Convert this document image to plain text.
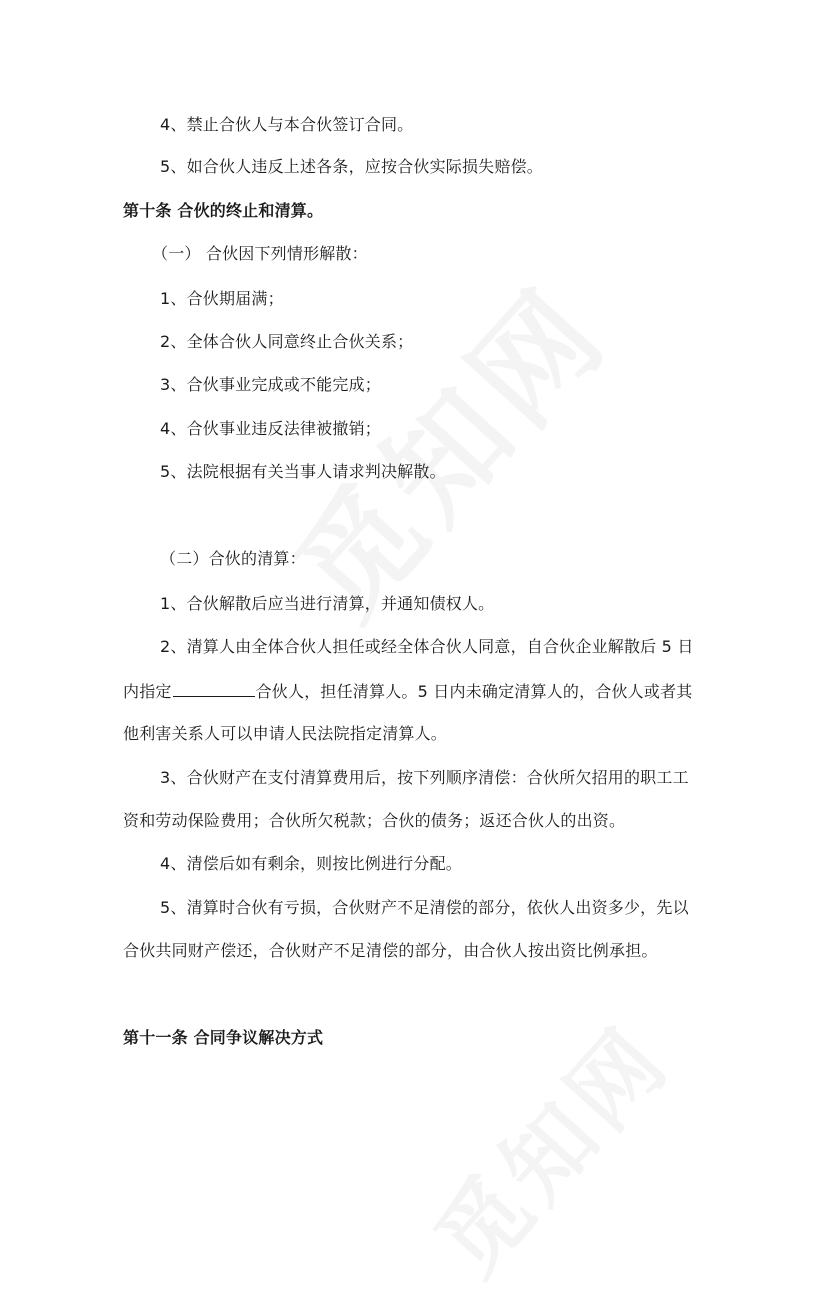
4、禁止合伙人与本合伙签订合同。
5、如合伙人违反上述各条，应按合伙实际损失赔偿。
第十条 合伙的终止和清算。
（一） 合伙因下列情形解散：
1、合伙期届满；
2、全体合伙人同意终止合伙关系；
3、合伙事业完成或不能完成；
4、合伙事业违反法律被撤销；
5、法院根据有关当事人请求判决解散。
（二）合伙的清算：
1、合伙解散后应当进行清算，并通知债权人。
2、清算人由全体合伙人担任或经全体合伙人同意，自合伙企业解散后 5 日
内指定	合伙人，担任清算人。5 日内未确定清算人的，合伙人或者其
他利害关系人可以申请人民法院指定清算人。
3、合伙财产在支付清算费用后，按下列顺序清偿：合伙所欠招用的职工工
资和劳动保险费用；合伙所欠税款；合伙的债务；返还合伙人的出资。
4、清偿后如有剩余，则按比例进行分配。
5、清算时合伙有亏损，合伙财产不足清偿的部分，依伙人出资多少，先以
合伙共同财产偿还，合伙财产不足清偿的部分，由合伙人按出资比例承担。
第十一条 合同争议解决方式
